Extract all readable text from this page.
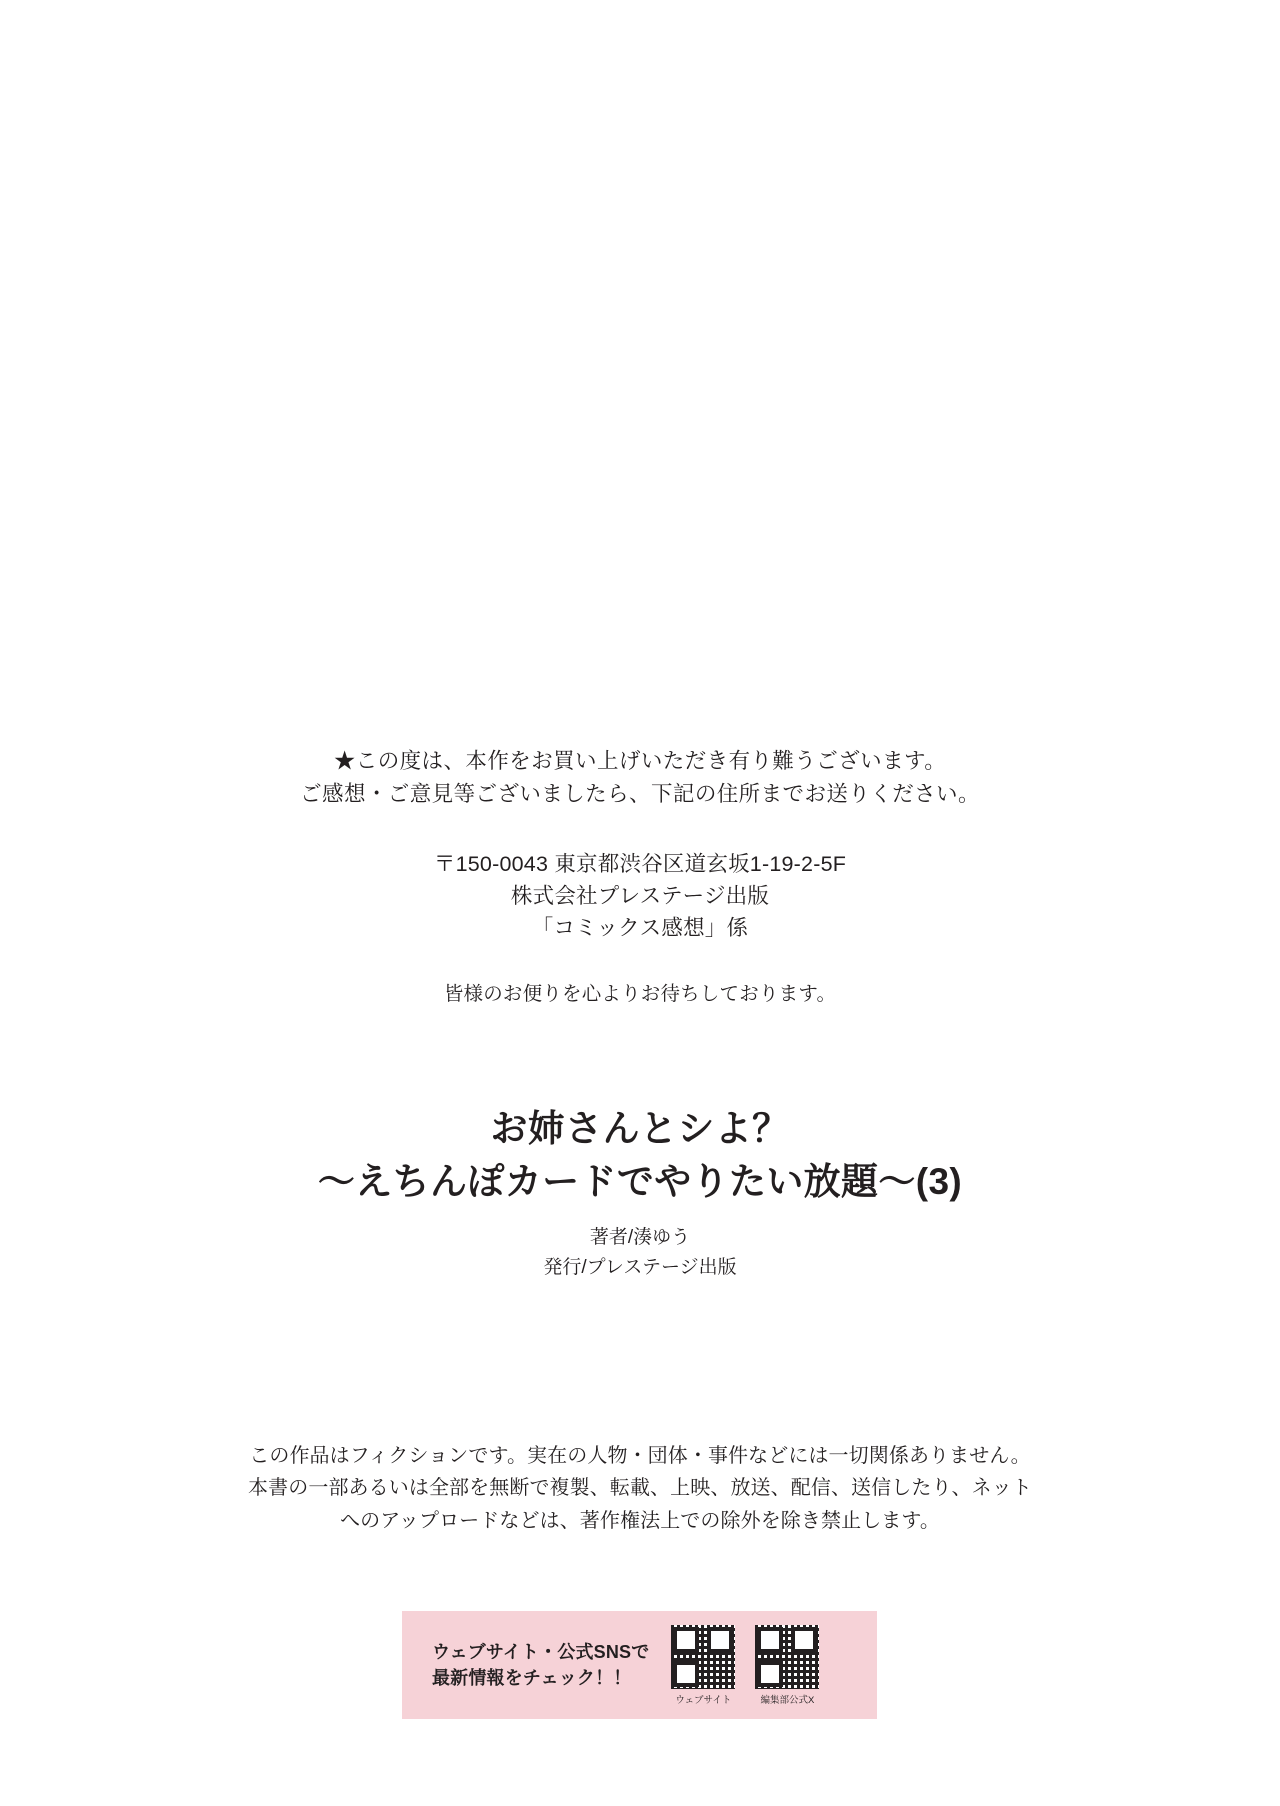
★この度は、本作をお買い上げいただき有り難うございます。
ご感想・ご意見等ございましたら、下記の住所までお送りください。
〒150-0043 東京都渋谷区道玄坂1-19-2-5F
株式会社プレステージ出版
「コミックス感想」係
皆様のお便りを心よりお待ちしております。
お姉さんとシよ？
〜えちんぽカードでやりたい放題〜(3)
著者/湊ゆう
発行/プレステージ出版
この作品はフィクションです。実在の人物・団体・事件などには一切関係ありません。
本書の一部あるいは全部を無断で複製、転載、上映、放送、配信、送信したり、ネット
へのアップロードなどは、著作権法上での除外を除き禁止します。
ウェブサイト・公式SNSで
最新情報をチェック！！
ウェブサイト	編集部公式X
